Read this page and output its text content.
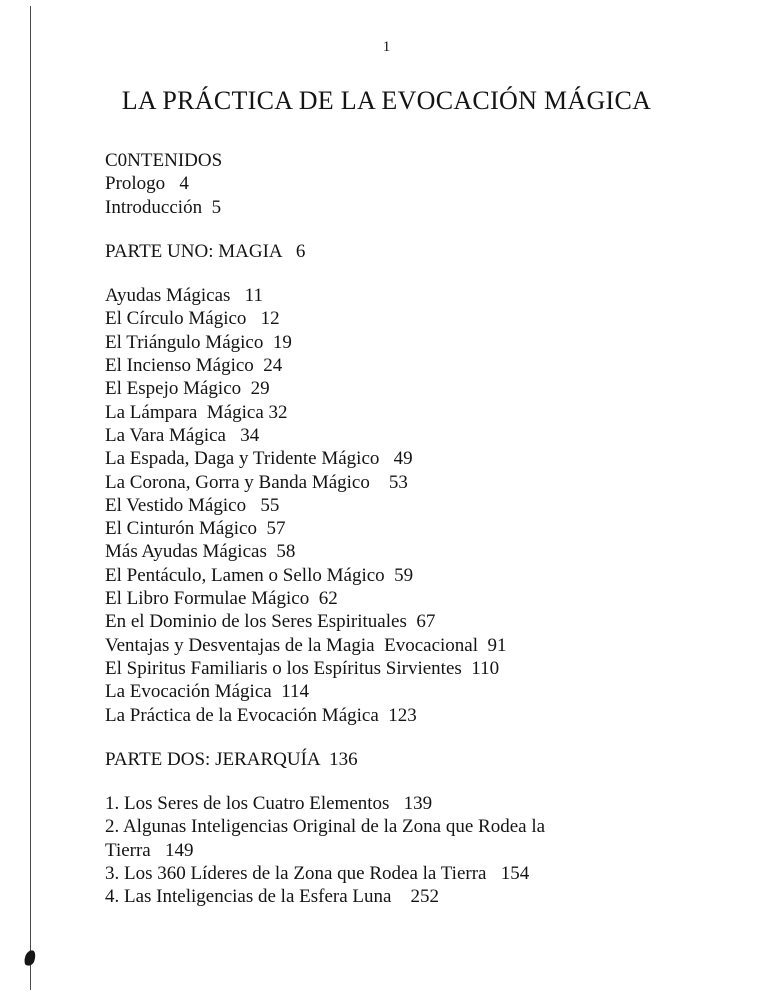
1
LA PRÁCTICA DE LA EVOCACIÓN MÁGICA
C0NTENIDOS
Prologo   4
Introducción  5
PARTE UNO: MAGIA   6
Ayudas Mágicas   11
El Círculo Mágico   12
El Triángulo Mágico  19
El Incienso Mágico  24
El Espejo Mágico  29
La Lámpara  Mágica 32
La Vara Mágica   34
La Espada, Daga y Tridente Mágico   49
La Corona, Gorra y Banda Mágico    53
El Vestido Mágico   55
El Cinturón Mágico  57
Más Ayudas Mágicas  58
El Pentáculo, Lamen o Sello Mágico  59
El Libro Formulae Mágico  62
En el Dominio de los Seres Espirituales  67
Ventajas y Desventajas de la Magia  Evocacional  91
El Spiritus Familiaris o los Espíritus Sirvientes  110
La Evocación Mágica  114
La Práctica de la Evocación Mágica  123
PARTE DOS: JERARQUÍA  136
1. Los Seres de los Cuatro Elementos   139
2. Algunas Inteligencias Original de la Zona que Rodea la
Tierra   149
3. Los 360 Líderes de la Zona que Rodea la Tierra   154
4. Las Inteligencias de la Esfera Luna    252
